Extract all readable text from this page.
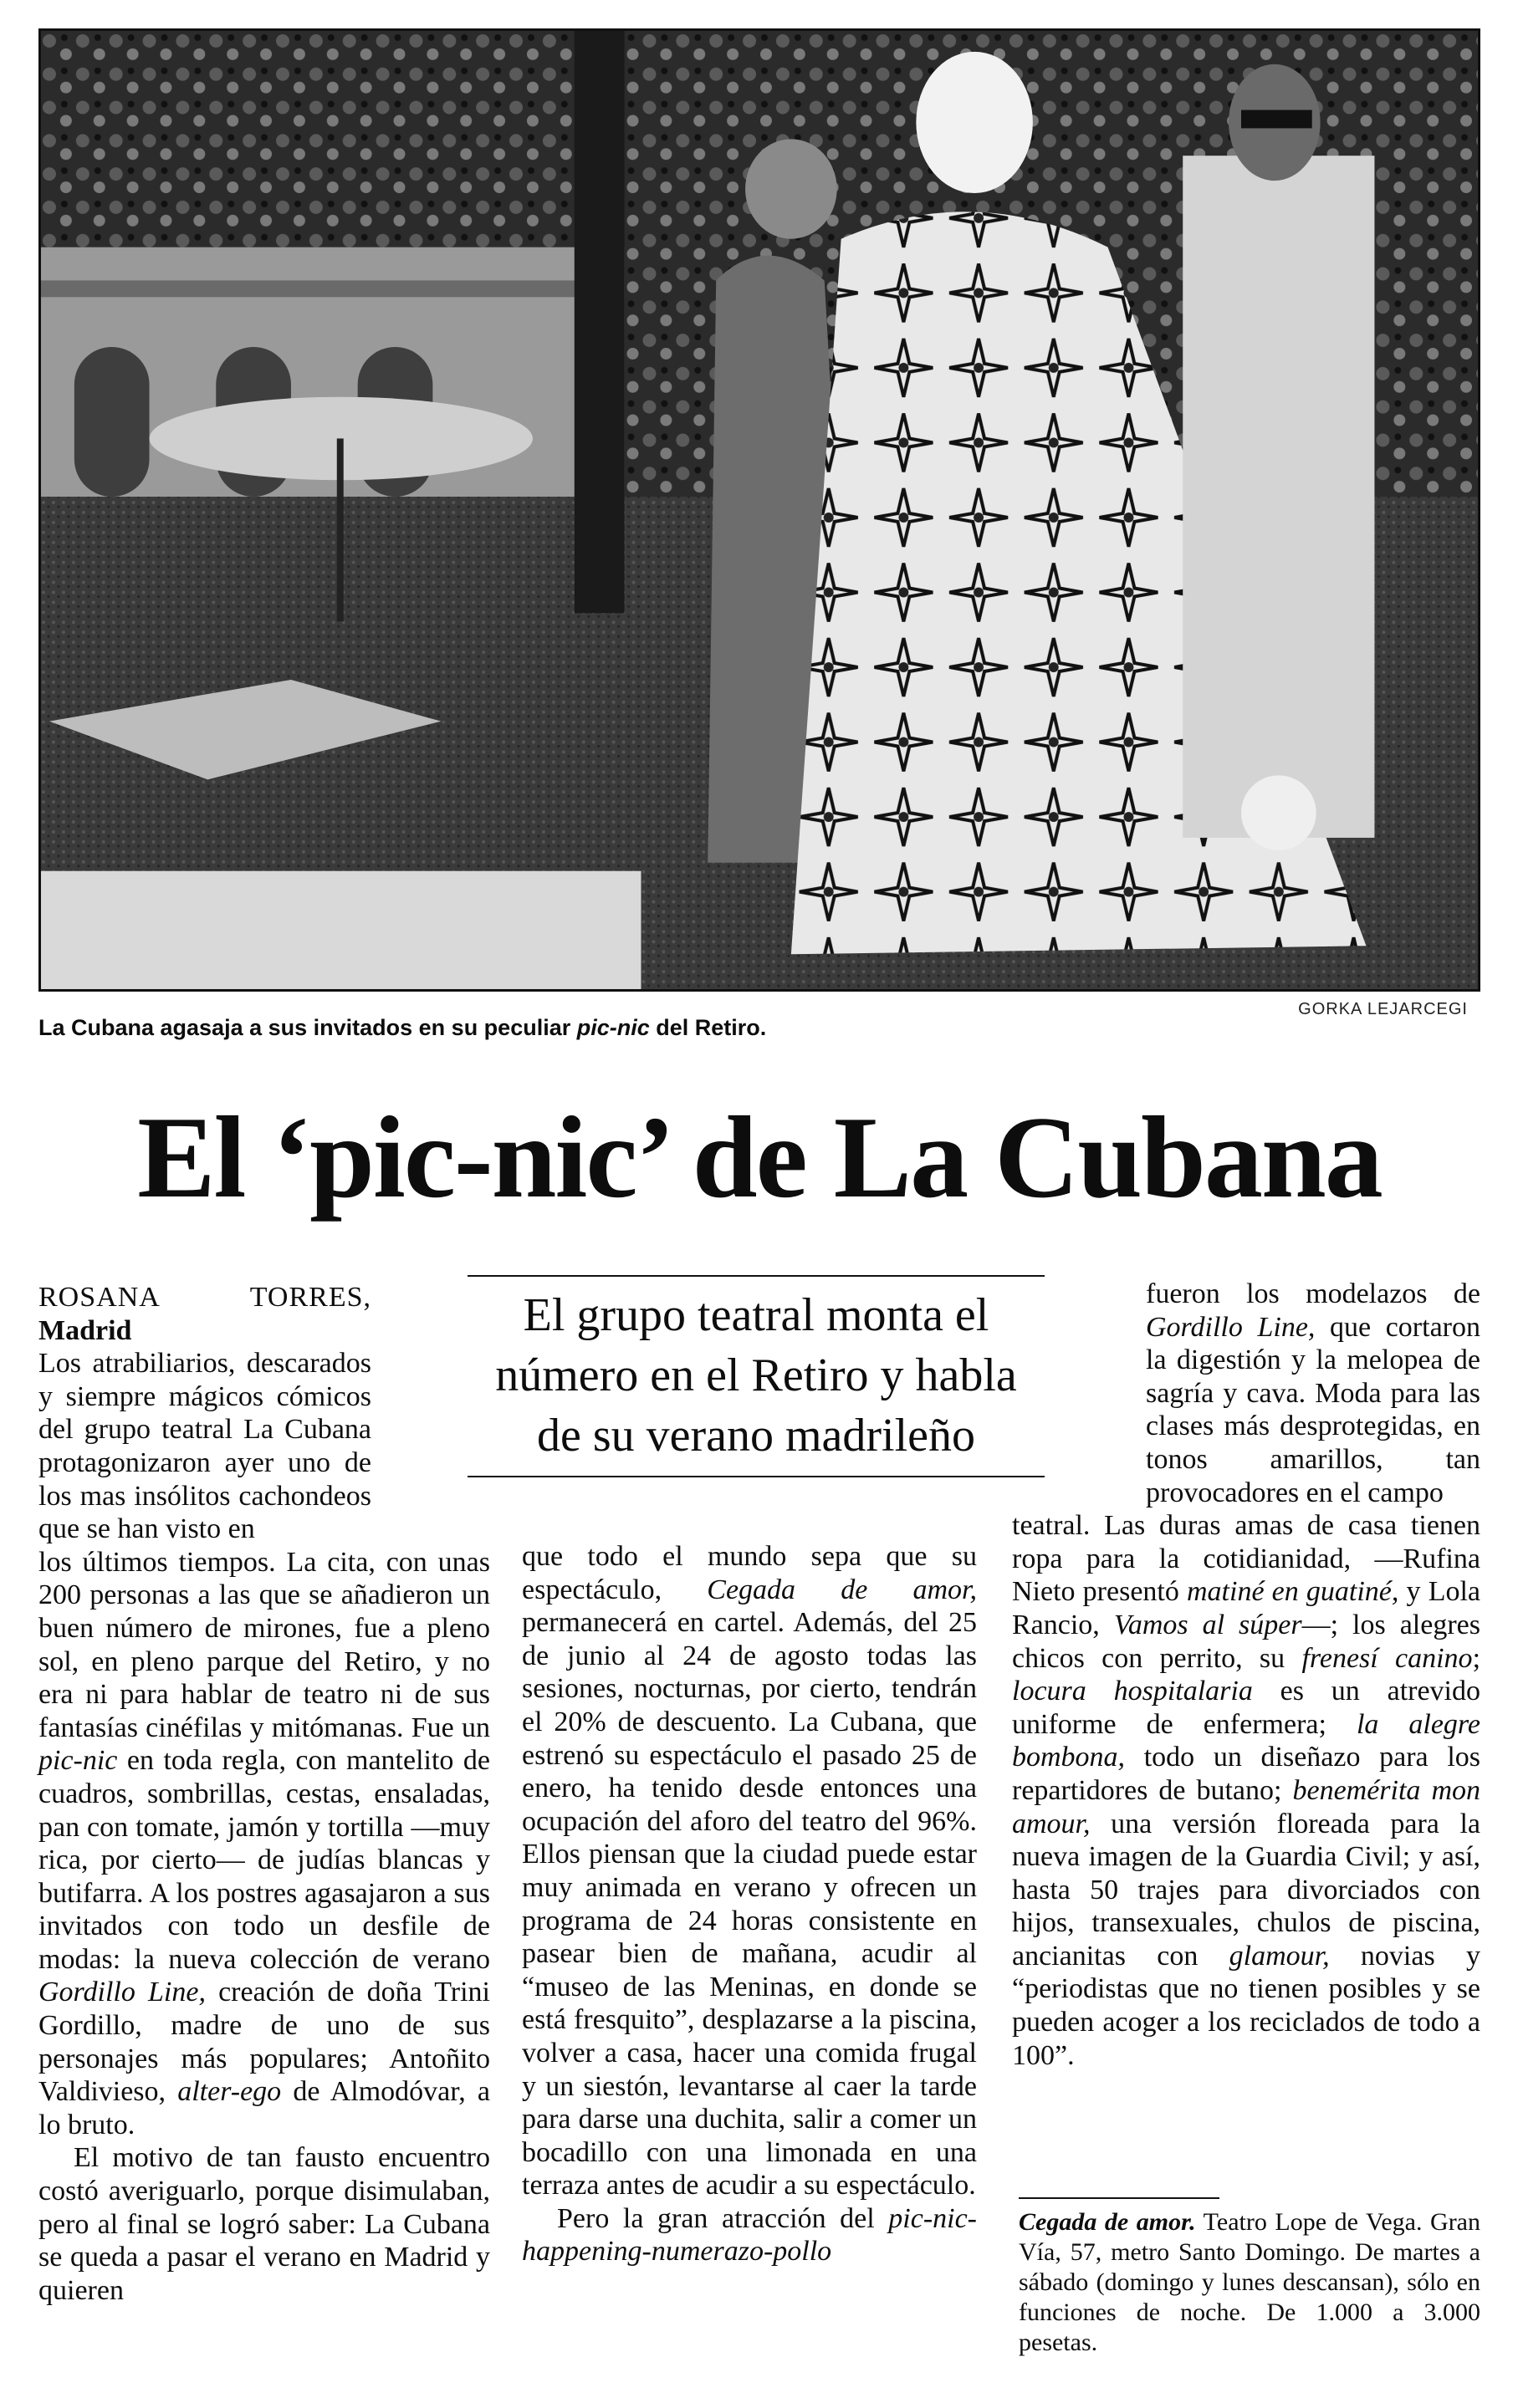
La Cubana agasaja a sus invitados en su peculiar pic-nic del Retiro.
GORKA LEJARCEGI
El ‘pic-nic’ de La Cubana
El grupo teatral monta el
número en el Retiro y habla
de su verano madrileño

ROSANA TORRES, Madrid

Los atrabiliarios, descarados y siempre mágicos cómicos del grupo teatral La Cubana protagonizaron ayer uno de los mas insólitos cachondeos que se han visto en

los últimos tiempos. La cita, con unas 200 personas a las que se añadieron un buen número de mirones, fue a pleno sol, en pleno parque del Retiro, y no era ni para hablar de teatro ni de sus fantasías cinéfilas y mitómanas. Fue un pic-nic en toda regla, con mantelito de cuadros, sombrillas, cestas, ensaladas, pan con tomate, jamón y tortilla —muy rica, por cierto— de judías blancas y butifarra. A los postres agasajaron a sus invitados con todo un desfile de modas: la nueva colección de verano Gordillo Line, creación de doña Trini Gordillo, madre de uno de sus personajes más populares; Antoñito Valdivieso, alter-ego de Almodóvar, a lo bruto.

El motivo de tan fausto encuentro costó averiguarlo, porque disimulaban, pero al final se logró saber: La Cubana se queda a pasar el verano en Madrid y quieren

que todo el mundo sepa que su espectáculo, Cegada de amor, permanecerá en cartel. Además, del 25 de junio al 24 de agosto todas las sesiones, nocturnas, por cierto, tendrán el 20% de descuento. La Cubana, que estrenó su espectáculo el pasado 25 de enero, ha tenido desde entonces una ocupación del aforo del teatro del 96%. Ellos piensan que la ciudad puede estar muy animada en verano y ofrecen un programa de 24 horas consistente en pasear bien de mañana, acudir al “museo de las Meninas, en donde se está fresquito”, desplazarse a la piscina, volver a casa, hacer una comida frugal y un siestón, levantarse al caer la tarde para darse una duchita, salir a comer un bocadillo con una limonada en una terraza antes de acudir a su espectáculo.

Pero la gran atracción del pic-nic-happening-numerazo-pollo

fueron los modelazos de Gordillo Line, que cortaron la digestión y la melopea de sagría y cava. Moda para las clases más desprotegidas, en tonos amarillos, tan provocadores en el campo

teatral. Las duras amas de casa tienen ropa para la cotidianidad, —Rufina Nieto presentó matiné en guatiné, y Lola Rancio, Vamos al súper—; los alegres chicos con perrito, su frenesí canino; locura hospitalaria es un atrevido uniforme de enfermera; la alegre bombona, todo un diseñazo para los repartidores de butano; benemérita mon amour, una versión floreada para la nueva imagen de la Guardia Civil; y así, hasta 50 trajes para divorciados con hijos, transexuales, chulos de piscina, ancianitas con glamour, novias y “periodistas que no tienen posibles y se pueden acoger a los reciclados de todo a 100”.

Cegada de amor. Teatro Lope de Vega. Gran Vía, 57, metro Santo Domingo. De martes a sábado (domingo y lunes descansan), sólo en funciones de noche. De 1.000 a 3.000 pesetas.
